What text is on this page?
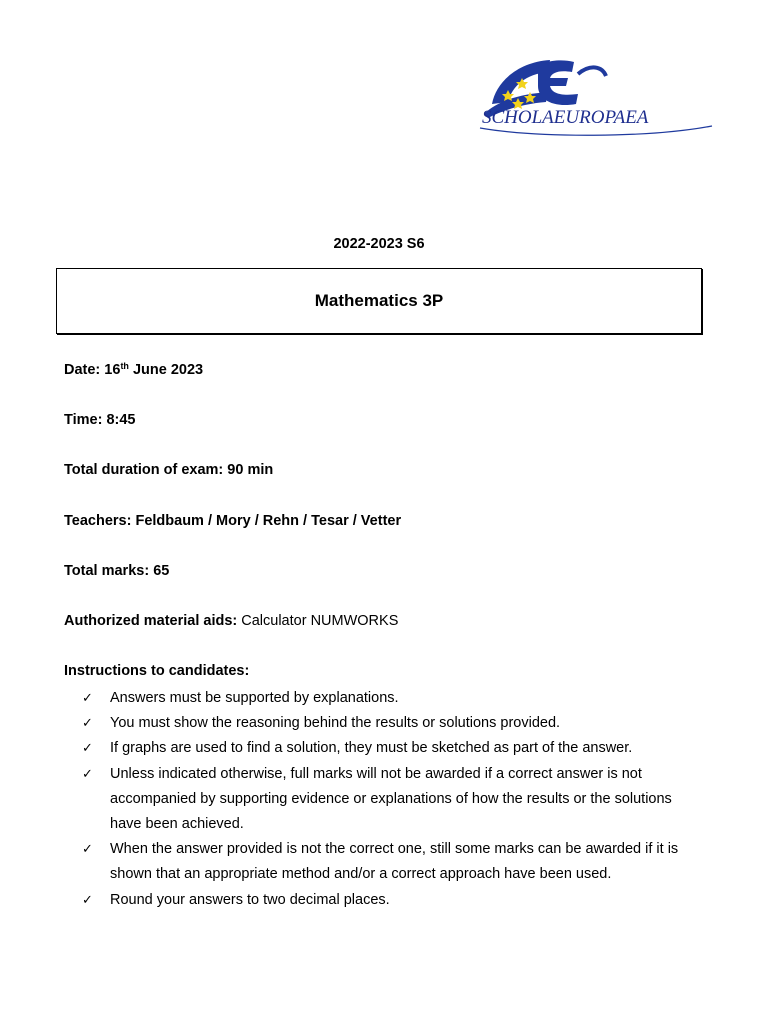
SCHOLAEUROPAEA
2022-2023 S6
Mathematics 3P
Date: 16th June 2023
Time: 8:45
Total duration of exam: 90 min
Teachers: Feldbaum / Mory / Rehn / Tesar / Vetter
Total marks: 65
Authorized material aids: Calculator NUMWORKS
Instructions to candidates:
✓ Answers must be supported by explanations.
✓ You must show the reasoning behind the results or solutions provided.
✓ If graphs are used to find a solution, they must be sketched as part of the answer.
✓ Unless indicated otherwise, full marks will not be awarded if a correct answer is not accompanied by supporting evidence or explanations of how the results or the solutions have been achieved.
✓ When the answer provided is not the correct one, still some marks can be awarded if it is shown that an appropriate method and/or a correct approach have been used.
✓ Round your answers to two decimal places.
